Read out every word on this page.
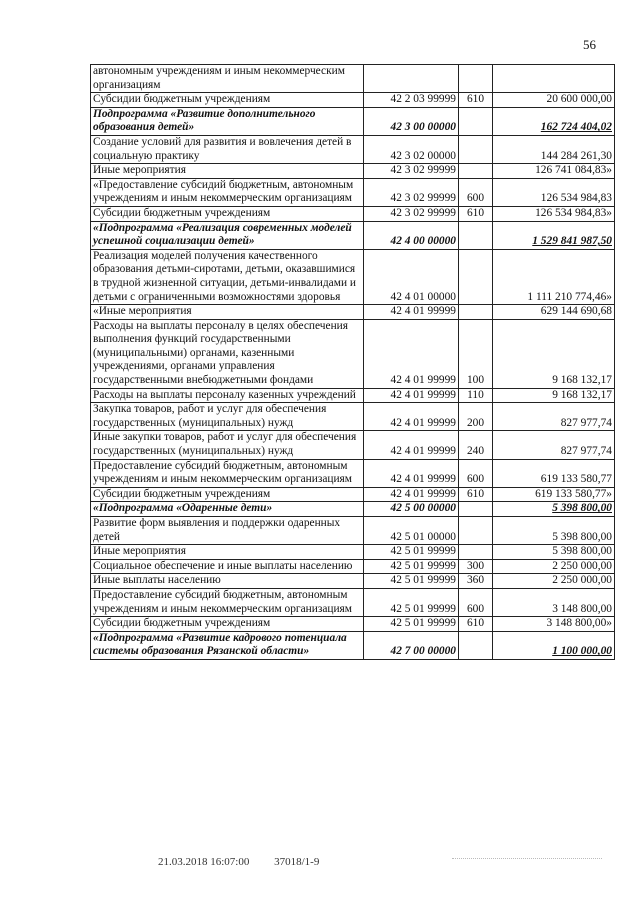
56
автономным учреждениям и иным некоммерческим организациям			
Субсидии бюджетным учреждениям	42 2 03 99999	610	20 600 000,00
Подпрограмма «Развитие дополнительного образования детей»	42 3 00 00000		162 724 404,02
Создание условий для развития и вовлечения детей в социальную практику	42 3 02 00000		144 284 261,30
Иные мероприятия	42 3 02 99999		126 741 084,83»
«Предоставление субсидий бюджетным, автономным учреждениям и иным некоммерческим организациям	42 3 02 99999	600	126 534 984,83
Субсидии бюджетным учреждениям	42 3 02 99999	610	126 534 984,83»
«Подпрограмма «Реализация современных моделей успешной социализации детей»	42 4 00 00000		1 529 841 987,50
Реализация моделей получения качественного образования детьми-сиротами, детьми, оказавшимися в трудной жизненной ситуации, детьми-инвалидами и детьми с ограниченными возможностями здоровья	42 4 01 00000		1 111 210 774,46»
«Иные мероприятия	42 4 01 99999		629 144 690,68
Расходы на выплаты персоналу в целях обеспечения выполнения функций государственными (муниципальными) органами, казенными учреждениями, органами управления государственными внебюджетными фондами	42 4 01 99999	100	9 168 132,17
Расходы на выплаты персоналу казенных учреждений	42 4 01 99999	110	9 168 132,17
Закупка товаров, работ и услуг для обеспечения государственных (муниципальных) нужд	42 4 01 99999	200	827 977,74
Иные закупки товаров, работ и услуг для обеспечения государственных (муниципальных) нужд	42 4 01 99999	240	827 977,74
Предоставление субсидий бюджетным, автономным учреждениям и иным некоммерческим организациям	42 4 01 99999	600	619 133 580,77
Субсидии бюджетным учреждениям	42 4 01 99999	610	619 133 580,77»
«Подпрограмма «Одаренные дети»	42 5 00 00000		5 398 800,00
Развитие форм выявления и поддержки одаренных детей	42 5 01 00000		5 398 800,00
Иные мероприятия	42 5 01 99999		5 398 800,00
Социальное обеспечение и иные выплаты населению	42 5 01 99999	300	2 250 000,00
Иные выплаты населению	42 5 01 99999	360	2 250 000,00
Предоставление субсидий бюджетным, автономным учреждениям и иным некоммерческим организациям	42 5 01 99999	600	3 148 800,00
Субсидии бюджетным учреждениям	42 5 01 99999	610	3 148 800,00»
«Подпрограмма «Развитие кадрового потенциала системы образования Рязанской области»	42 7 00 00000		1 100 000,00
21.03.2018 16:07:00 37018/1-9
